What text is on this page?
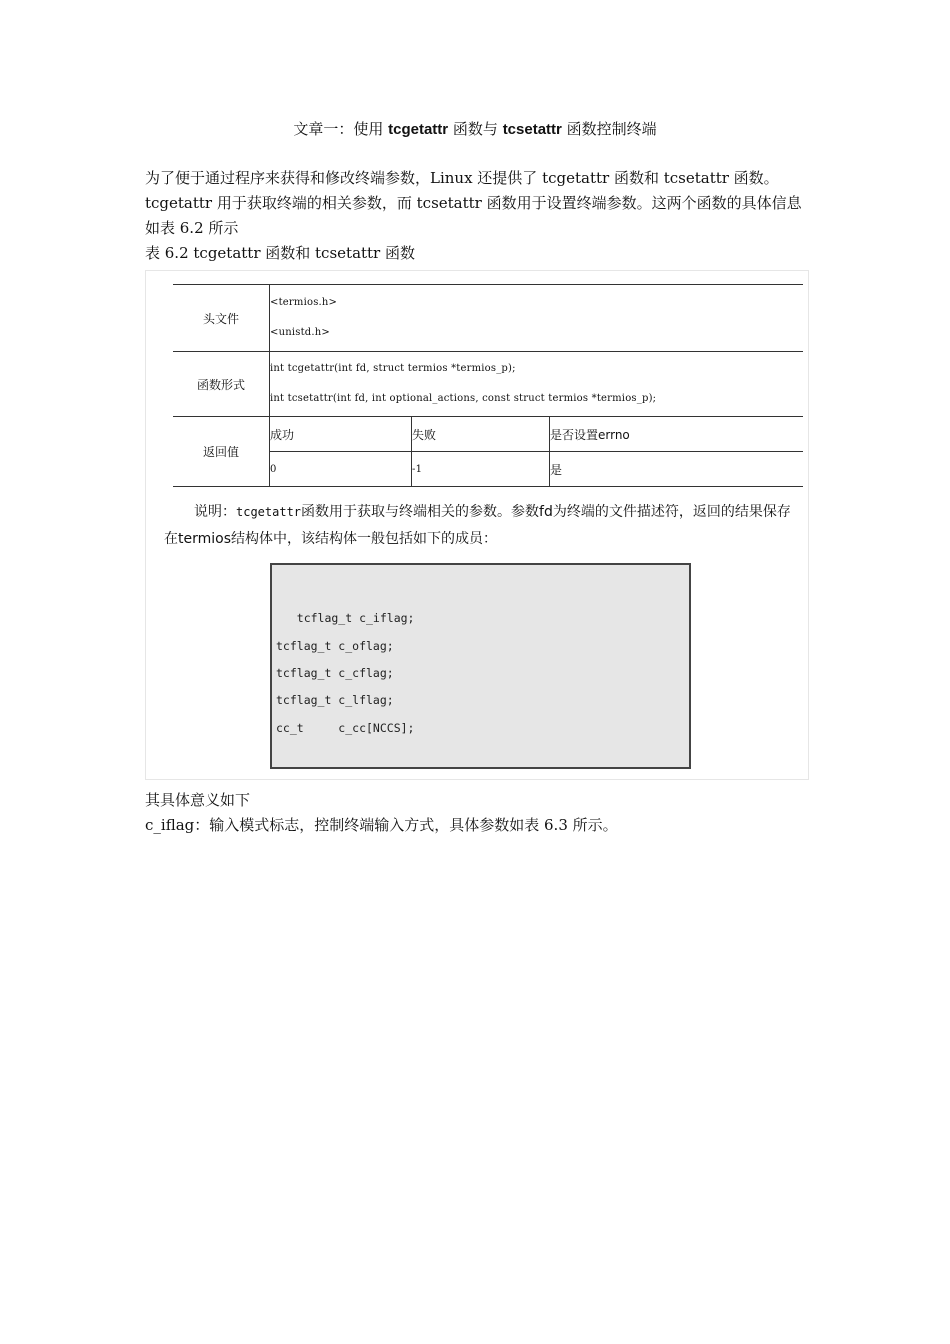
文章一：使用 tcgetattr 函数与 tcsetattr 函数控制终端
为了便于通过程序来获得和修改终端参数，Linux 还提供了 tcgetattr 函数和 tcsetattr 函数。tcgetattr 用于获取终端的相关参数，而 tcsetattr 函数用于设置终端参数。这两个函数的具体信息如表 6.2 所示
表 6.2 tcgetattr 函数和 tcsetattr 函数
头文件	<termios.h>
<unistd.h>		

函数形式	int tcgetattr(int fd, struct termios *termios_p);
int tcsetattr(int fd, int optional_actions, const struct termios *termios_p);		

返回值	成功	失败	是否设置errno
	0	-1	是
说明：tcgetattr函数用于获取与终端相关的参数。参数fd为终端的文件描述符，返回的结果保存在termios结构体中，该结构体一般包括如下的成员：
tcflag_t c_iflag;
tcflag_t c_oflag;
tcflag_t c_cflag;
tcflag_t c_lflag;
cc_t     c_cc[NCCS];
其具体意义如下
c_iflag：输入模式标志，控制终端输入方式，具体参数如表 6.3 所示。
